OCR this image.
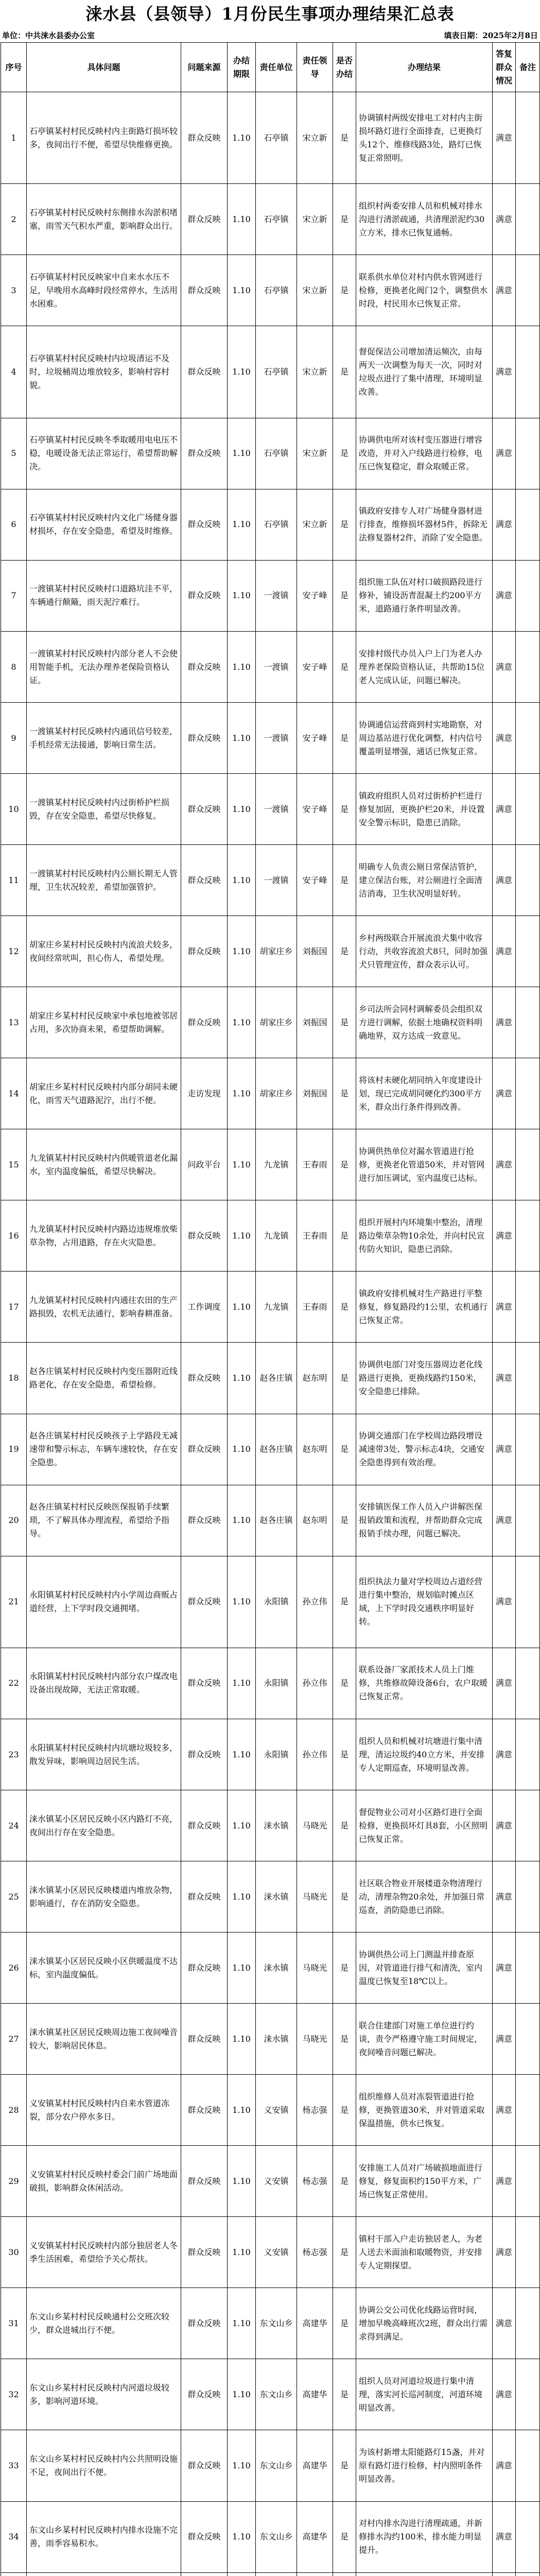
涞水县（县领导）1月份民生事项办理结果汇总表
单位：中共涞水县委办公室	填表日期：2025年2月8日
序号	具体问题	问题来源	办结期限	责任单位	责任领导	是否办结	办理结果	答复群众情况	备注
1	石亭镇某村村民反映村内主街路灯损坏较多，夜间出行不便，希望尽快维修更换。	群众反映	1.10	石亭镇	宋立新	是	协调镇村两级安排电工对村内主街损坏路灯进行全面排查，已更换灯头12个、维修线路3处，路灯已恢复正常照明。	满意	
2	石亭镇某村村民反映村东侧排水沟淤积堵塞，雨雪天气积水严重，影响群众出行。	群众反映	1.10	石亭镇	宋立新	是	组织村两委安排人员和机械对排水沟进行清淤疏通，共清理淤泥约30立方米，排水已恢复通畅。	满意	
3	石亭镇某村村民反映家中自来水水压不足，早晚用水高峰时段经常停水，生活用水困难。	群众反映	1.10	石亭镇	宋立新	是	联系供水单位对村内供水管网进行检修，更换老化阀门2个，调整供水时段，村民用水已恢复正常。	满意	
4	石亭镇某村村民反映村内垃圾清运不及时，垃圾桶周边堆放较多，影响村容村貌。	群众反映	1.10	石亭镇	宋立新	是	督促保洁公司增加清运频次，由每两天一次调整为每天一次，同时对垃圾点进行了集中清理，环境明显改善。	满意	
5	石亭镇某村村民反映冬季取暖用电电压不稳，电暖设备无法正常运行，希望帮助解决。	群众反映	1.10	石亭镇	宋立新	是	协调供电所对该村变压器进行增容改造，并对入户线路进行检修，电压已恢复稳定，群众取暖正常。	满意	
6	石亭镇某村村民反映村内文化广场健身器材损坏，存在安全隐患，希望及时维修。	群众反映	1.10	石亭镇	宋立新	是	镇政府安排专人对广场健身器材进行排查，维修损坏器材5件，拆除无法修复器材2件，消除了安全隐患。	满意	
7	一渡镇某村村民反映村口道路坑洼不平，车辆通行颠簸，雨天泥泞难行。	群众反映	1.10	一渡镇	安子峰	是	组织施工队伍对村口破损路段进行修补，铺设沥青混凝土约200平方米，道路通行条件明显改善。	满意	
8	一渡镇某村村民反映村内部分老人不会使用智能手机，无法办理养老保险资格认证。	群众反映	1.10	一渡镇	安子峰	是	安排村级代办员入户上门为老人办理养老保险资格认证，共帮助15位老人完成认证，问题已解决。	满意	
9	一渡镇某村村民反映村内通讯信号较差，手机经常无法接通，影响日常生活。	群众反映	1.10	一渡镇	安子峰	是	协调通信运营商到村实地勘察，对周边基站进行优化调整，村内信号覆盖明显增强，通话已恢复正常。	满意	
10	一渡镇某村村民反映村内过街桥护栏损毁，存在安全隐患，希望尽快修复。	群众反映	1.10	一渡镇	安子峰	是	镇政府组织人员对过街桥护栏进行修复加固，更换护栏20米，并设置安全警示标识，隐患已消除。	满意	
11	一渡镇某村村民反映村内公厕长期无人管理，卫生状况较差，希望加强管护。	群众反映	1.10	一渡镇	安子峰	是	明确专人负责公厕日常保洁管护，建立保洁台账，对公厕进行全面清洁消毒，卫生状况明显好转。	满意	
12	胡家庄乡某村村民反映村内流浪犬较多，夜间经常吠叫，担心伤人，希望处理。	群众反映	1.10	胡家庄乡	刘振国	是	乡村两级联合开展流浪犬集中收容行动，共收容流浪犬8只，同时加强犬只管理宣传，群众表示认可。	满意	
13	胡家庄乡某村村民反映家中承包地被邻居占用，多次协商未果，希望帮助调解。	群众反映	1.10	胡家庄乡	刘振国	是	乡司法所会同村调解委员会组织双方进行调解，依据土地确权资料明确地界，双方达成一致意见。	满意	
14	胡家庄乡某村村民反映村内部分胡同未硬化，雨雪天气道路泥泞，出行不便。	走访发现	1.10	胡家庄乡	刘振国	是	将该村未硬化胡同纳入年度建设计划，现已完成胡同硬化约300平方米，群众出行条件得到改善。	满意	
15	九龙镇某村村民反映村内供暖管道老化漏水，室内温度偏低，希望尽快解决。	问政平台	1.10	九龙镇	王春雨	是	协调供热单位对漏水管道进行抢修，更换老化管道50米，并对管网进行加压调试，室内温度已达标。	满意	
16	九龙镇某村村民反映村内路边违规堆放柴草杂物，占用道路，存在火灾隐患。	群众反映	1.10	九龙镇	王春雨	是	组织开展村内环境集中整治，清理路边柴草杂物10余处，并向村民宣传防火知识，隐患已消除。	满意	
17	九龙镇某村村民反映村内通往农田的生产路损毁，农机无法通行，影响春耕准备。	工作调度	1.10	九龙镇	王春雨	是	镇政府安排机械对生产路进行平整修复，修复路段约1公里，农机通行已恢复正常。	满意	
18	赵各庄镇某村村民反映村内变压器附近线路老化，存在安全隐患，希望检修。	群众反映	1.10	赵各庄镇	赵东明	是	协调供电部门对变压器周边老化线路进行更换，更换线路约150米，安全隐患已排除。	满意	
19	赵各庄镇某村村民反映孩子上学路段无减速带和警示标志，车辆车速较快，存在安全隐患。	群众反映	1.10	赵各庄镇	赵东明	是	协调交通部门在学校周边路段增设减速带3处、警示标志4块，交通安全隐患得到有效治理。	满意	
20	赵各庄镇某村村民反映医保报销手续繁琐，不了解具体办理流程，希望给予指导。	群众反映	1.10	赵各庄镇	赵东明	是	安排镇医保工作人员入户讲解医保报销政策和流程，并帮助群众完成报销手续办理，问题已解决。	满意	
21	永阳镇某村村民反映村内小学周边商贩占道经营，上下学时段交通拥堵。	群众反映	1.10	永阳镇	孙立伟	是	组织执法力量对学校周边占道经营进行集中整治，规划临时摊点区域，上下学时段交通秩序明显好转。	满意	
22	永阳镇某村村民反映村内部分农户煤改电设备出现故障，无法正常取暖。	群众反映	1.10	永阳镇	孙立伟	是	联系设备厂家派技术人员上门维修，共维修故障设备6台，农户取暖已恢复正常。	满意	
23	永阳镇某村村民反映村内坑塘垃圾较多，散发异味，影响周边居民生活。	群众反映	1.10	永阳镇	孙立伟	是	组织人员和机械对坑塘进行集中清理，清运垃圾约40立方米，并安排专人定期巡查，环境明显改善。	满意	
24	涞水镇某小区居民反映小区内路灯不亮，夜间出行存在安全隐患。	群众反映	1.10	涞水镇	马晓光	是	督促物业公司对小区路灯进行全面检修，更换损坏灯具8套，小区照明已恢复正常。	满意	
25	涞水镇某小区居民反映楼道内堆放杂物，影响通行，存在消防安全隐患。	群众反映	1.10	涞水镇	马晓光	是	社区联合物业开展楼道杂物清理行动，清理杂物20余处，并加强日常巡查，消防隐患已消除。	满意	
26	涞水镇某小区居民反映小区供暖温度不达标，室内温度偏低。	群众反映	1.10	涞水镇	马晓光	是	协调供热公司上门测温并排查原因，对管道进行排气和清洗，室内温度已恢复至18℃以上。	满意	
27	涞水镇某社区居民反映周边施工夜间噪音较大，影响居民休息。	群众反映	1.10	涞水镇	马晓光	是	联合住建部门对施工单位进行约谈，责令严格遵守施工时间规定，夜间噪音问题已解决。	满意	
28	义安镇某村村民反映村内自来水管道冻裂，部分农户停水多日。	群众反映	1.10	义安镇	杨志强	是	组织维修人员对冻裂管道进行抢修，更换管道30米，并对管道采取保温措施，供水已恢复。	满意	
29	义安镇某村村民反映村委会门前广场地面破损，影响群众休闲活动。	群众反映	1.10	义安镇	杨志强	是	安排施工人员对广场破损地面进行修复，修复面积约150平方米，广场已恢复正常使用。	满意	
30	义安镇某村村民反映村内部分独居老人冬季生活困难，希望给予关心帮扶。	群众反映	1.10	义安镇	杨志强	是	镇村干部入户走访独居老人，为老人送去米面油和取暖物资，并安排专人定期探望。	满意	
31	东文山乡某村村民反映通村公交班次较少，群众进城出行不便。	群众反映	1.10	东文山乡	高建华	是	协调公交公司优化线路运营时间，增加早晚高峰班次2班，群众出行需求得到满足。	满意	
32	东文山乡某村村民反映村内河道垃圾较多，影响河道环境。	群众反映	1.10	东文山乡	高建华	是	组织人员对河道垃圾进行集中清理，落实河长巡河制度，河道环境明显改善。	满意	
33	东文山乡某村村民反映村内公共照明设施不足，夜间出行不便。	群众反映	1.10	东文山乡	高建华	是	为该村新增太阳能路灯15盏，并对原有路灯进行检修，村内照明条件明显改善。	满意	
34	东文山乡某村村民反映村内排水设施不完善，雨季容易积水。	群众反映	1.10	东文山乡	高建华	是	对村内排水沟进行清理疏通，并新修排水沟约100米，排水能力明显提升。	满意	
